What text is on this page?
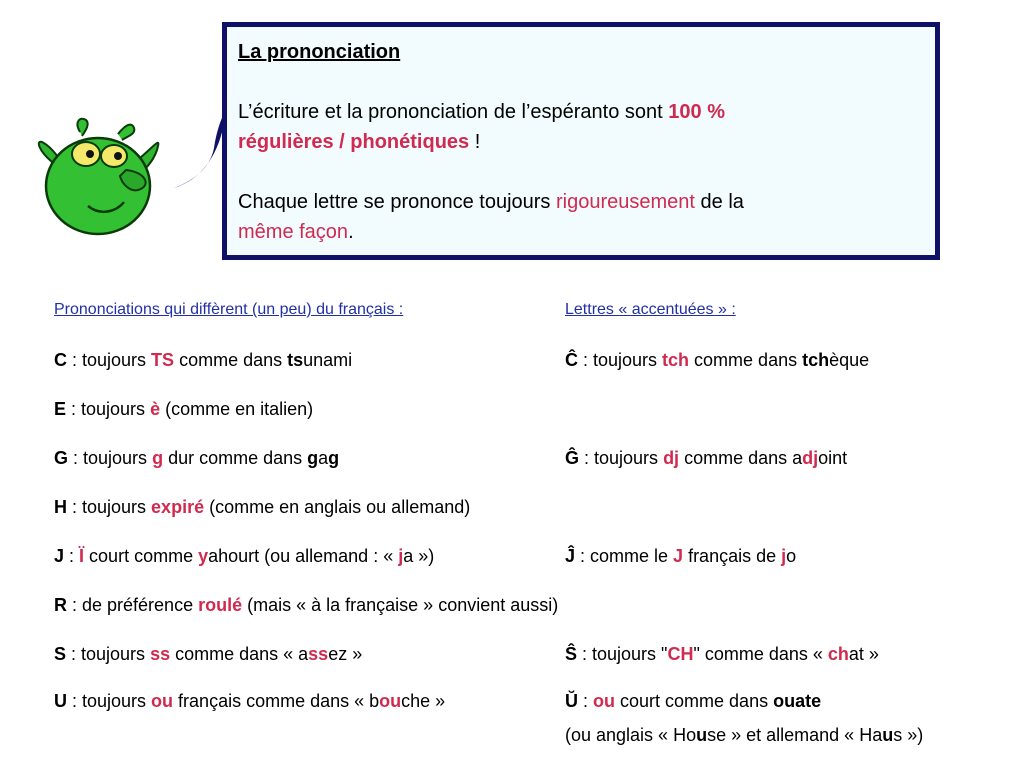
La prononciation

L’écriture et la prononciation de l’espéranto sont 100 %
régulières / phonétiques !

Chaque lettre se prononce toujours rigoureusement de la
même façon.

Prononciations qui diffèrent (un peu) du français :	Lettres « accentuées » :
C : toujours TS comme dans tsunami
E : toujours è (comme en italien)
G : toujours g dur comme dans gag
H : toujours expiré (comme en anglais ou allemand)
J : Ï court comme yahourt (ou allemand : « ja »)
R : de préférence roulé (mais « à la française » convient aussi)
S : toujours ss comme dans « assez »
U : toujours ou français comme dans « bouche »
Ĉ : toujours tch comme dans tchèque
Ĝ : toujours dj comme dans adjoint
Ĵ : comme le J français de jo
Ŝ : toujours "CH" comme dans « chat »
Ŭ : ou court comme dans ouate
(ou anglais « House » et allemand « Haus »)
